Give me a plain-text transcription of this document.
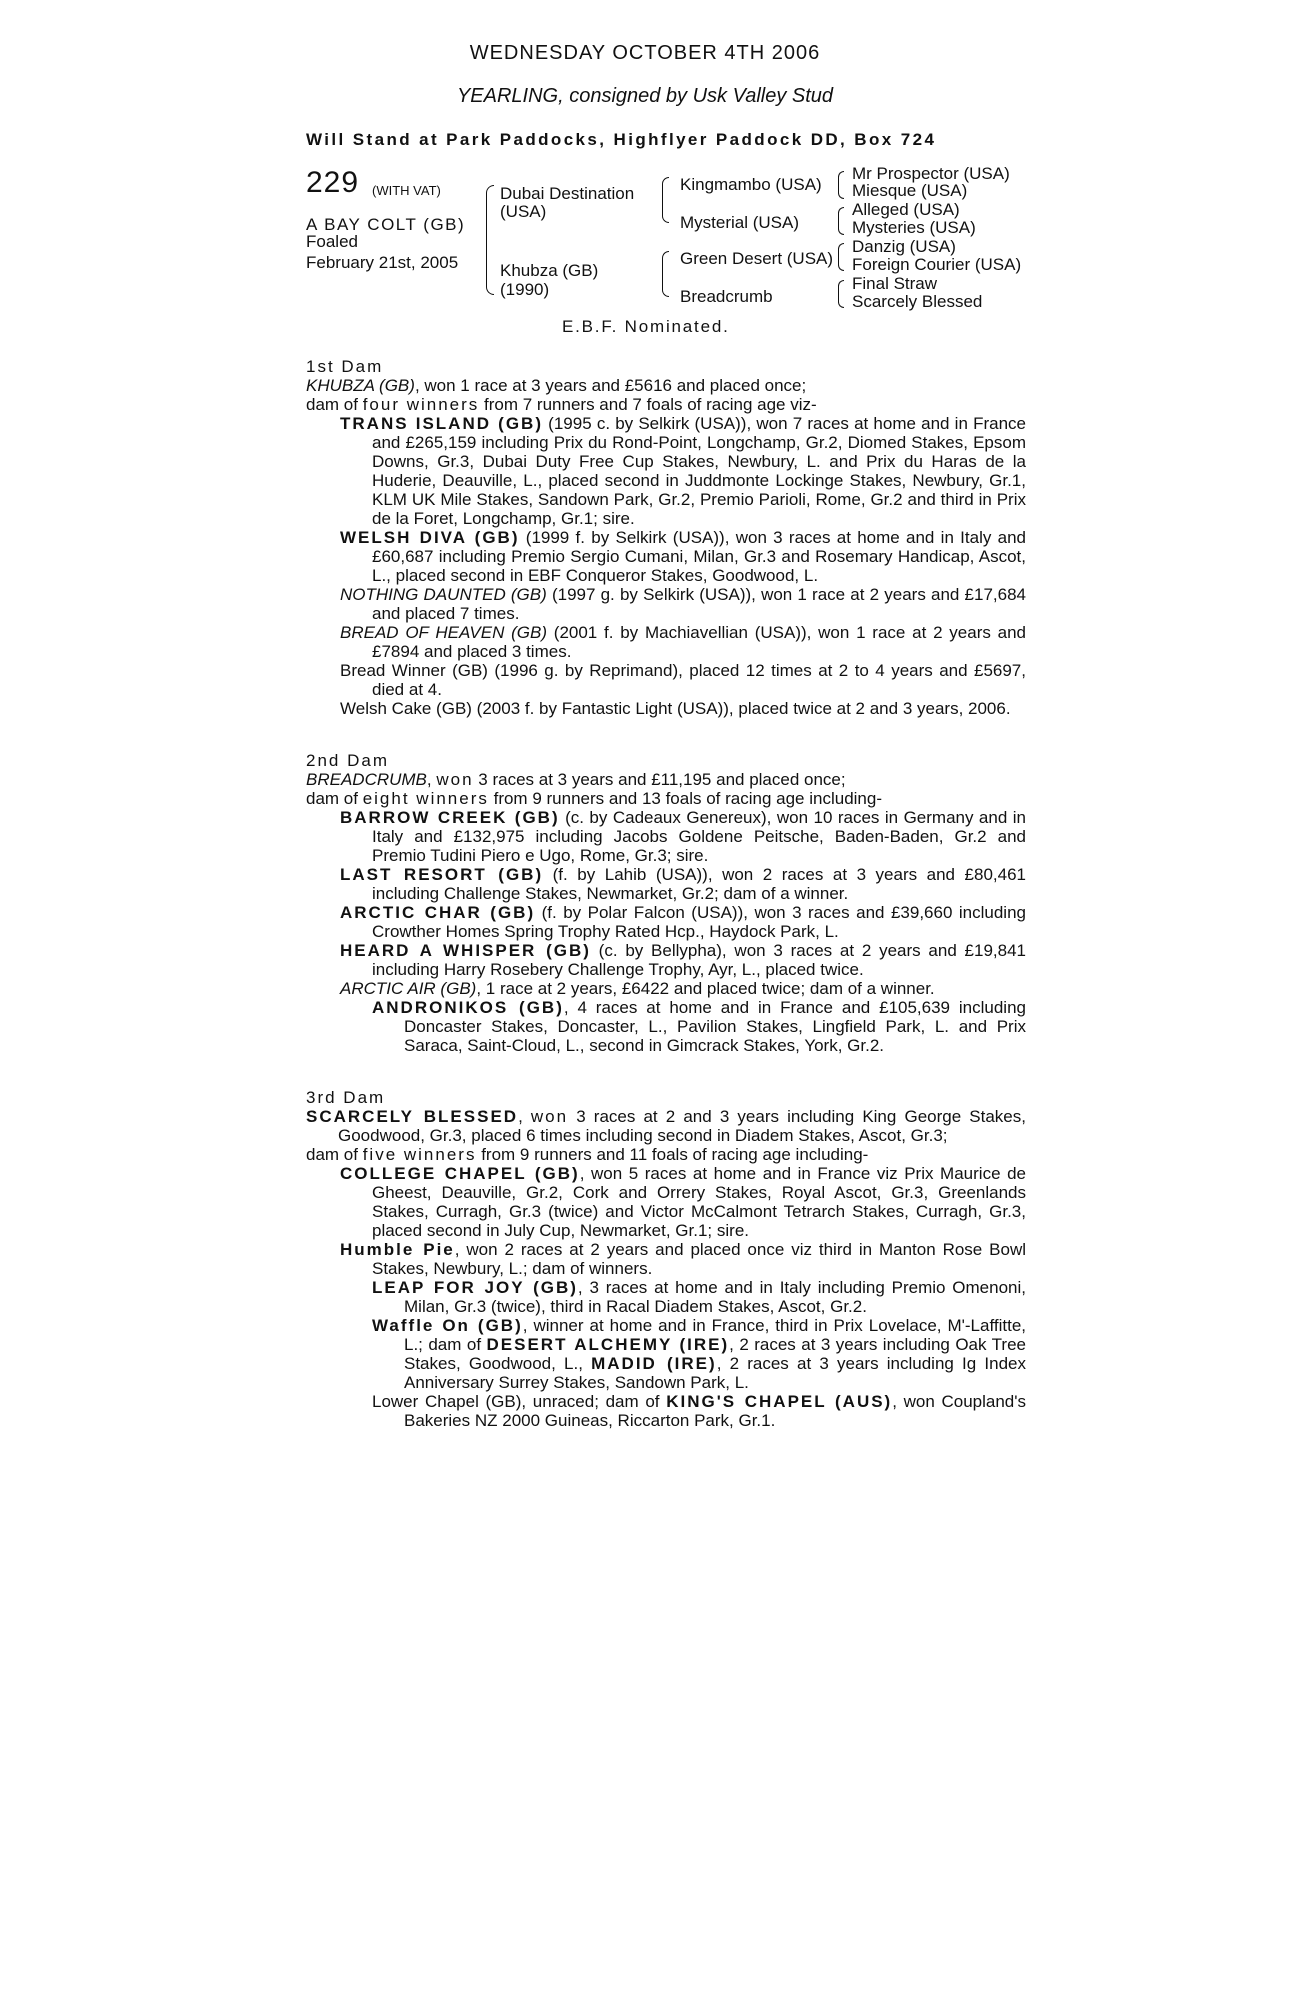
WEDNESDAY OCTOBER 4TH 2006
YEARLING, consigned by Usk Valley Stud
Will Stand at Park Paddocks, Highflyer Paddock DD, Box 724
229 (WITH VAT)
A BAY COLT (GB)
Foaled
February 21st, 2005
Dubai Destination
(USA)
Khubza (GB)
(1990)
Kingmambo (USA)
Mysterial (USA)
Green Desert (USA)
Breadcrumb
Mr Prospector (USA)
Miesque (USA)
Alleged (USA)
Mysteries (USA)
Danzig (USA)
Foreign Courier (USA)
Final Straw
Scarcely Blessed
E.B.F. Nominated.
1st Dam
KHUBZA (GB), won 1 race at 3 years and £5616 and placed once;
dam of four winners from 7 runners and 7 foals of racing age viz-
TRANS ISLAND (GB) (1995 c. by Selkirk (USA)), won 7 races at home and in France and £265,159 including Prix du Rond-Point, Longchamp, Gr.2, Diomed Stakes, Epsom Downs, Gr.3, Dubai Duty Free Cup Stakes, Newbury, L. and Prix du Haras de la Huderie, Deauville, L., placed second in Juddmonte Lockinge Stakes, Newbury, Gr.1, KLM UK Mile Stakes, Sandown Park, Gr.2, Premio Parioli, Rome, Gr.2 and third in Prix de la Foret, Longchamp, Gr.1; sire.
WELSH DIVA (GB) (1999 f. by Selkirk (USA)), won 3 races at home and in Italy and £60,687 including Premio Sergio Cumani, Milan, Gr.3 and Rosemary Handicap, Ascot, L., placed second in EBF Conqueror Stakes, Goodwood, L.
NOTHING DAUNTED (GB) (1997 g. by Selkirk (USA)), won 1 race at 2 years and £17,684 and placed 7 times.
BREAD OF HEAVEN (GB) (2001 f. by Machiavellian (USA)), won 1 race at 2 years and £7894 and placed 3 times.
Bread Winner (GB) (1996 g. by Reprimand), placed 12 times at 2 to 4 years and £5697, died at 4.
Welsh Cake (GB) (2003 f. by Fantastic Light (USA)), placed twice at 2 and 3 years, 2006.
2nd Dam
BREADCRUMB, won 3 races at 3 years and £11,195 and placed once;
dam of eight winners from 9 runners and 13 foals of racing age including-
BARROW CREEK (GB) (c. by Cadeaux Genereux), won 10 races in Germany and in Italy and £132,975 including Jacobs Goldene Peitsche, Baden-Baden, Gr.2 and Premio Tudini Piero e Ugo, Rome, Gr.3; sire.
LAST RESORT (GB) (f. by Lahib (USA)), won 2 races at 3 years and £80,461 including Challenge Stakes, Newmarket, Gr.2; dam of a winner.
ARCTIC CHAR (GB) (f. by Polar Falcon (USA)), won 3 races and £39,660 including Crowther Homes Spring Trophy Rated Hcp., Haydock Park, L.
HEARD A WHISPER (GB) (c. by Bellypha), won 3 races at 2 years and £19,841 including Harry Rosebery Challenge Trophy, Ayr, L., placed twice.
ARCTIC AIR (GB), 1 race at 2 years, £6422 and placed twice; dam of a winner.
ANDRONIKOS (GB), 4 races at home and in France and £105,639 including Doncaster Stakes, Doncaster, L., Pavilion Stakes, Lingfield Park, L. and Prix Saraca, Saint-Cloud, L., second in Gimcrack Stakes, York, Gr.2.
3rd Dam
SCARCELY BLESSED, won 3 races at 2 and 3 years including King George Stakes, Goodwood, Gr.3, placed 6 times including second in Diadem Stakes, Ascot, Gr.3;
dam of five winners from 9 runners and 11 foals of racing age including-
COLLEGE CHAPEL (GB), won 5 races at home and in France viz Prix Maurice de Gheest, Deauville, Gr.2, Cork and Orrery Stakes, Royal Ascot, Gr.3, Greenlands Stakes, Curragh, Gr.3 (twice) and Victor McCalmont Tetrarch Stakes, Curragh, Gr.3, placed second in July Cup, Newmarket, Gr.1; sire.
Humble Pie, won 2 races at 2 years and placed once viz third in Manton Rose Bowl Stakes, Newbury, L.; dam of winners.
LEAP FOR JOY (GB), 3 races at home and in Italy including Premio Omenoni, Milan, Gr.3 (twice), third in Racal Diadem Stakes, Ascot, Gr.2.
Waffle On (GB), winner at home and in France, third in Prix Lovelace, M'-Laffitte, L.; dam of DESERT ALCHEMY (IRE), 2 races at 3 years including Oak Tree Stakes, Goodwood, L., MADID (IRE), 2 races at 3 years including Ig Index Anniversary Surrey Stakes, Sandown Park, L.
Lower Chapel (GB), unraced; dam of KING'S CHAPEL (AUS), won Coupland's Bakeries NZ 2000 Guineas, Riccarton Park, Gr.1.
